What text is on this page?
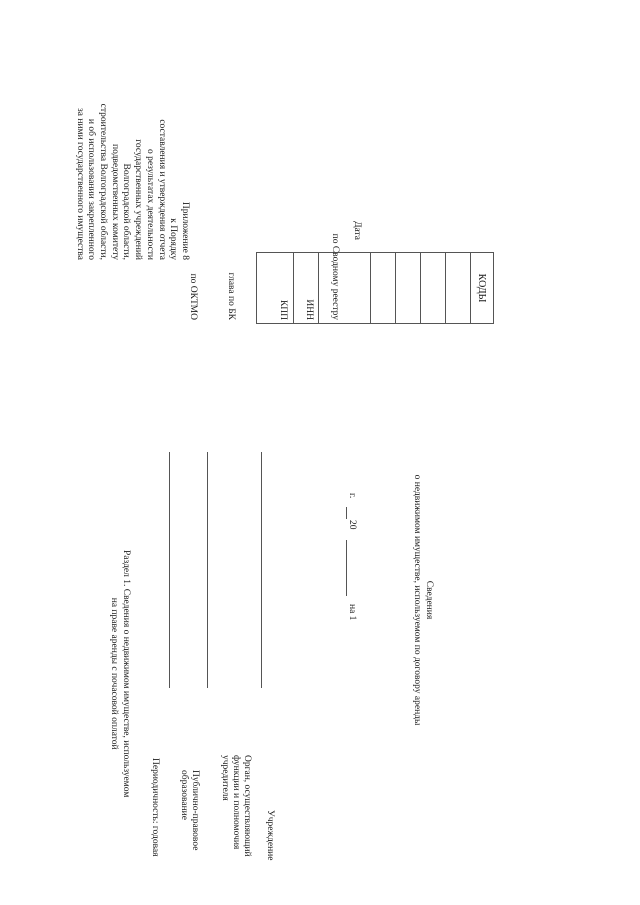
Приложение 8
к Порядку
составления и утверждения отчета
о результатах деятельности
государственных учреждений
Волгоградской области,
подведомственных комитету
строительства Волгоградской области,
и об использовании закрепленного
за ними государственного имущества
КОДЫ

Дата
по Сводному реестру
ИНН
КПП
глава по БК
по ОКТМО
Сведения
о недвижимом имуществе, используемом по договору аренды
на 1
20
г.
Учреждение
Орган, осуществляющий
функции и полномочия
учредителя
Публично-правовое
образование
Периодичность: годовая
Раздел 1. Сведения о недвижимом имуществе, используемом
на праве аренды с почасовой оплатой
